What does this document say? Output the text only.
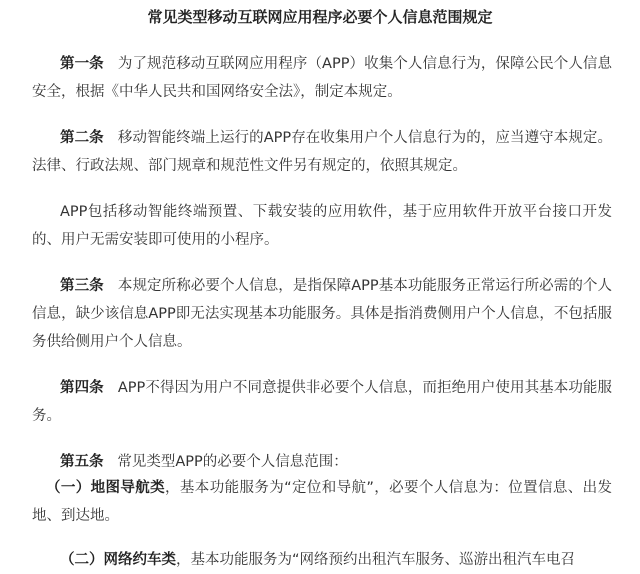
常见类型移动互联网应用程序必要个人信息范围规定
第一条 为了规范移动互联网应用程序（APP）收集个人信息行为，保障公民个人信息安全，根据《中华人民共和国网络安全法》，制定本规定。
第二条 移动智能终端上运行的APP存在收集用户个人信息行为的，应当遵守本规定。法律、行政法规、部门规章和规范性文件另有规定的，依照其规定。
APP包括移动智能终端预置、下载安装的应用软件，基于应用软件开放平台接口开发的、用户无需安装即可使用的小程序。
第三条 本规定所称必要个人信息，是指保障APP基本功能服务正常运行所必需的个人信息，缺少该信息APP即无法实现基本功能服务。具体是指消费侧用户个人信息，不包括服务供给侧用户个人信息。
第四条 APP不得因为用户不同意提供非必要个人信息，而拒绝用户使用其基本功能服务。
第五条 常见类型APP的必要个人信息范围：
（一）地图导航类，基本功能服务为“定位和导航”，必要个人信息为：位置信息、出发地、到达地。
（二）网络约车类，基本功能服务为“网络预约出租汽车服务、巡游出租汽车电召
